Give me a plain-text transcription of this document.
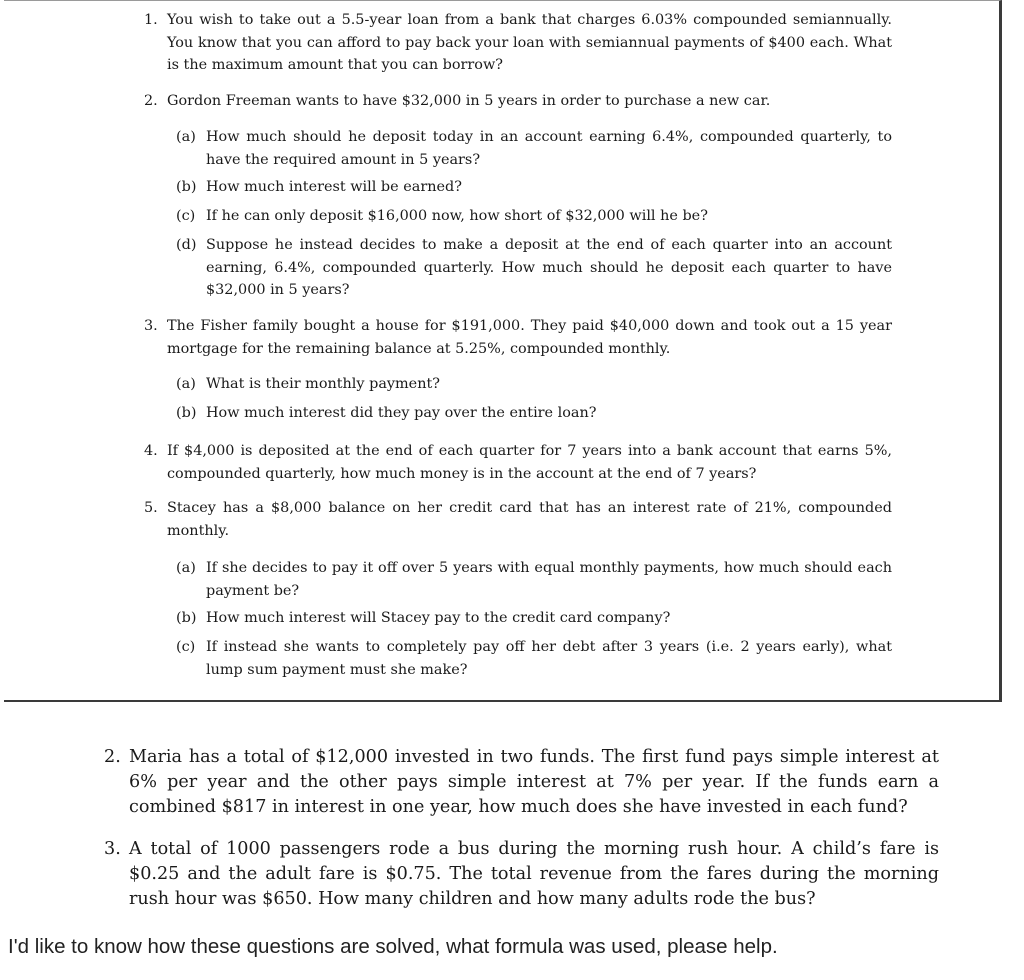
1. You wish to take out a 5.5-year loan from a bank that charges 6.03% compounded semiannually. You know that you can afford to pay back your loan with semiannual payments of $400 each. What is the maximum amount that you can borrow?
2. Gordon Freeman wants to have $32,000 in 5 years in order to purchase a new car.
(a) How much should he deposit today in an account earning 6.4%, compounded quarterly, to have the required amount in 5 years?
(b) How much interest will be earned?
(c) If he can only deposit $16,000 now, how short of $32,000 will he be?
(d) Suppose he instead decides to make a deposit at the end of each quarter into an account earning, 6.4%, compounded quarterly. How much should he deposit each quarter to have $32,000 in 5 years?
3. The Fisher family bought a house for $191,000. They paid $40,000 down and took out a 15 year mortgage for the remaining balance at 5.25%, compounded monthly.
(a) What is their monthly payment?
(b) How much interest did they pay over the entire loan?
4. If $4,000 is deposited at the end of each quarter for 7 years into a bank account that earns 5%, compounded quarterly, how much money is in the account at the end of 7 years?
5. Stacey has a $8,000 balance on her credit card that has an interest rate of 21%, compounded monthly.
(a) If she decides to pay it off over 5 years with equal monthly payments, how much should each payment be?
(b) How much interest will Stacey pay to the credit card company?
(c) If instead she wants to completely pay off her debt after 3 years (i.e. 2 years early), what lump sum payment must she make?
2. Maria has a total of $12,000 invested in two funds. The first fund pays simple interest at 6% per year and the other pays simple interest at 7% per year. If the funds earn a combined $817 in interest in one year, how much does she have invested in each fund?
3. A total of 1000 passengers rode a bus during the morning rush hour. A child’s fare is $0.25 and the adult fare is $0.75. The total revenue from the fares during the morning rush hour was $650. How many children and how many adults rode the bus?
I'd like to know how these questions are solved, what formula was used, please help.
